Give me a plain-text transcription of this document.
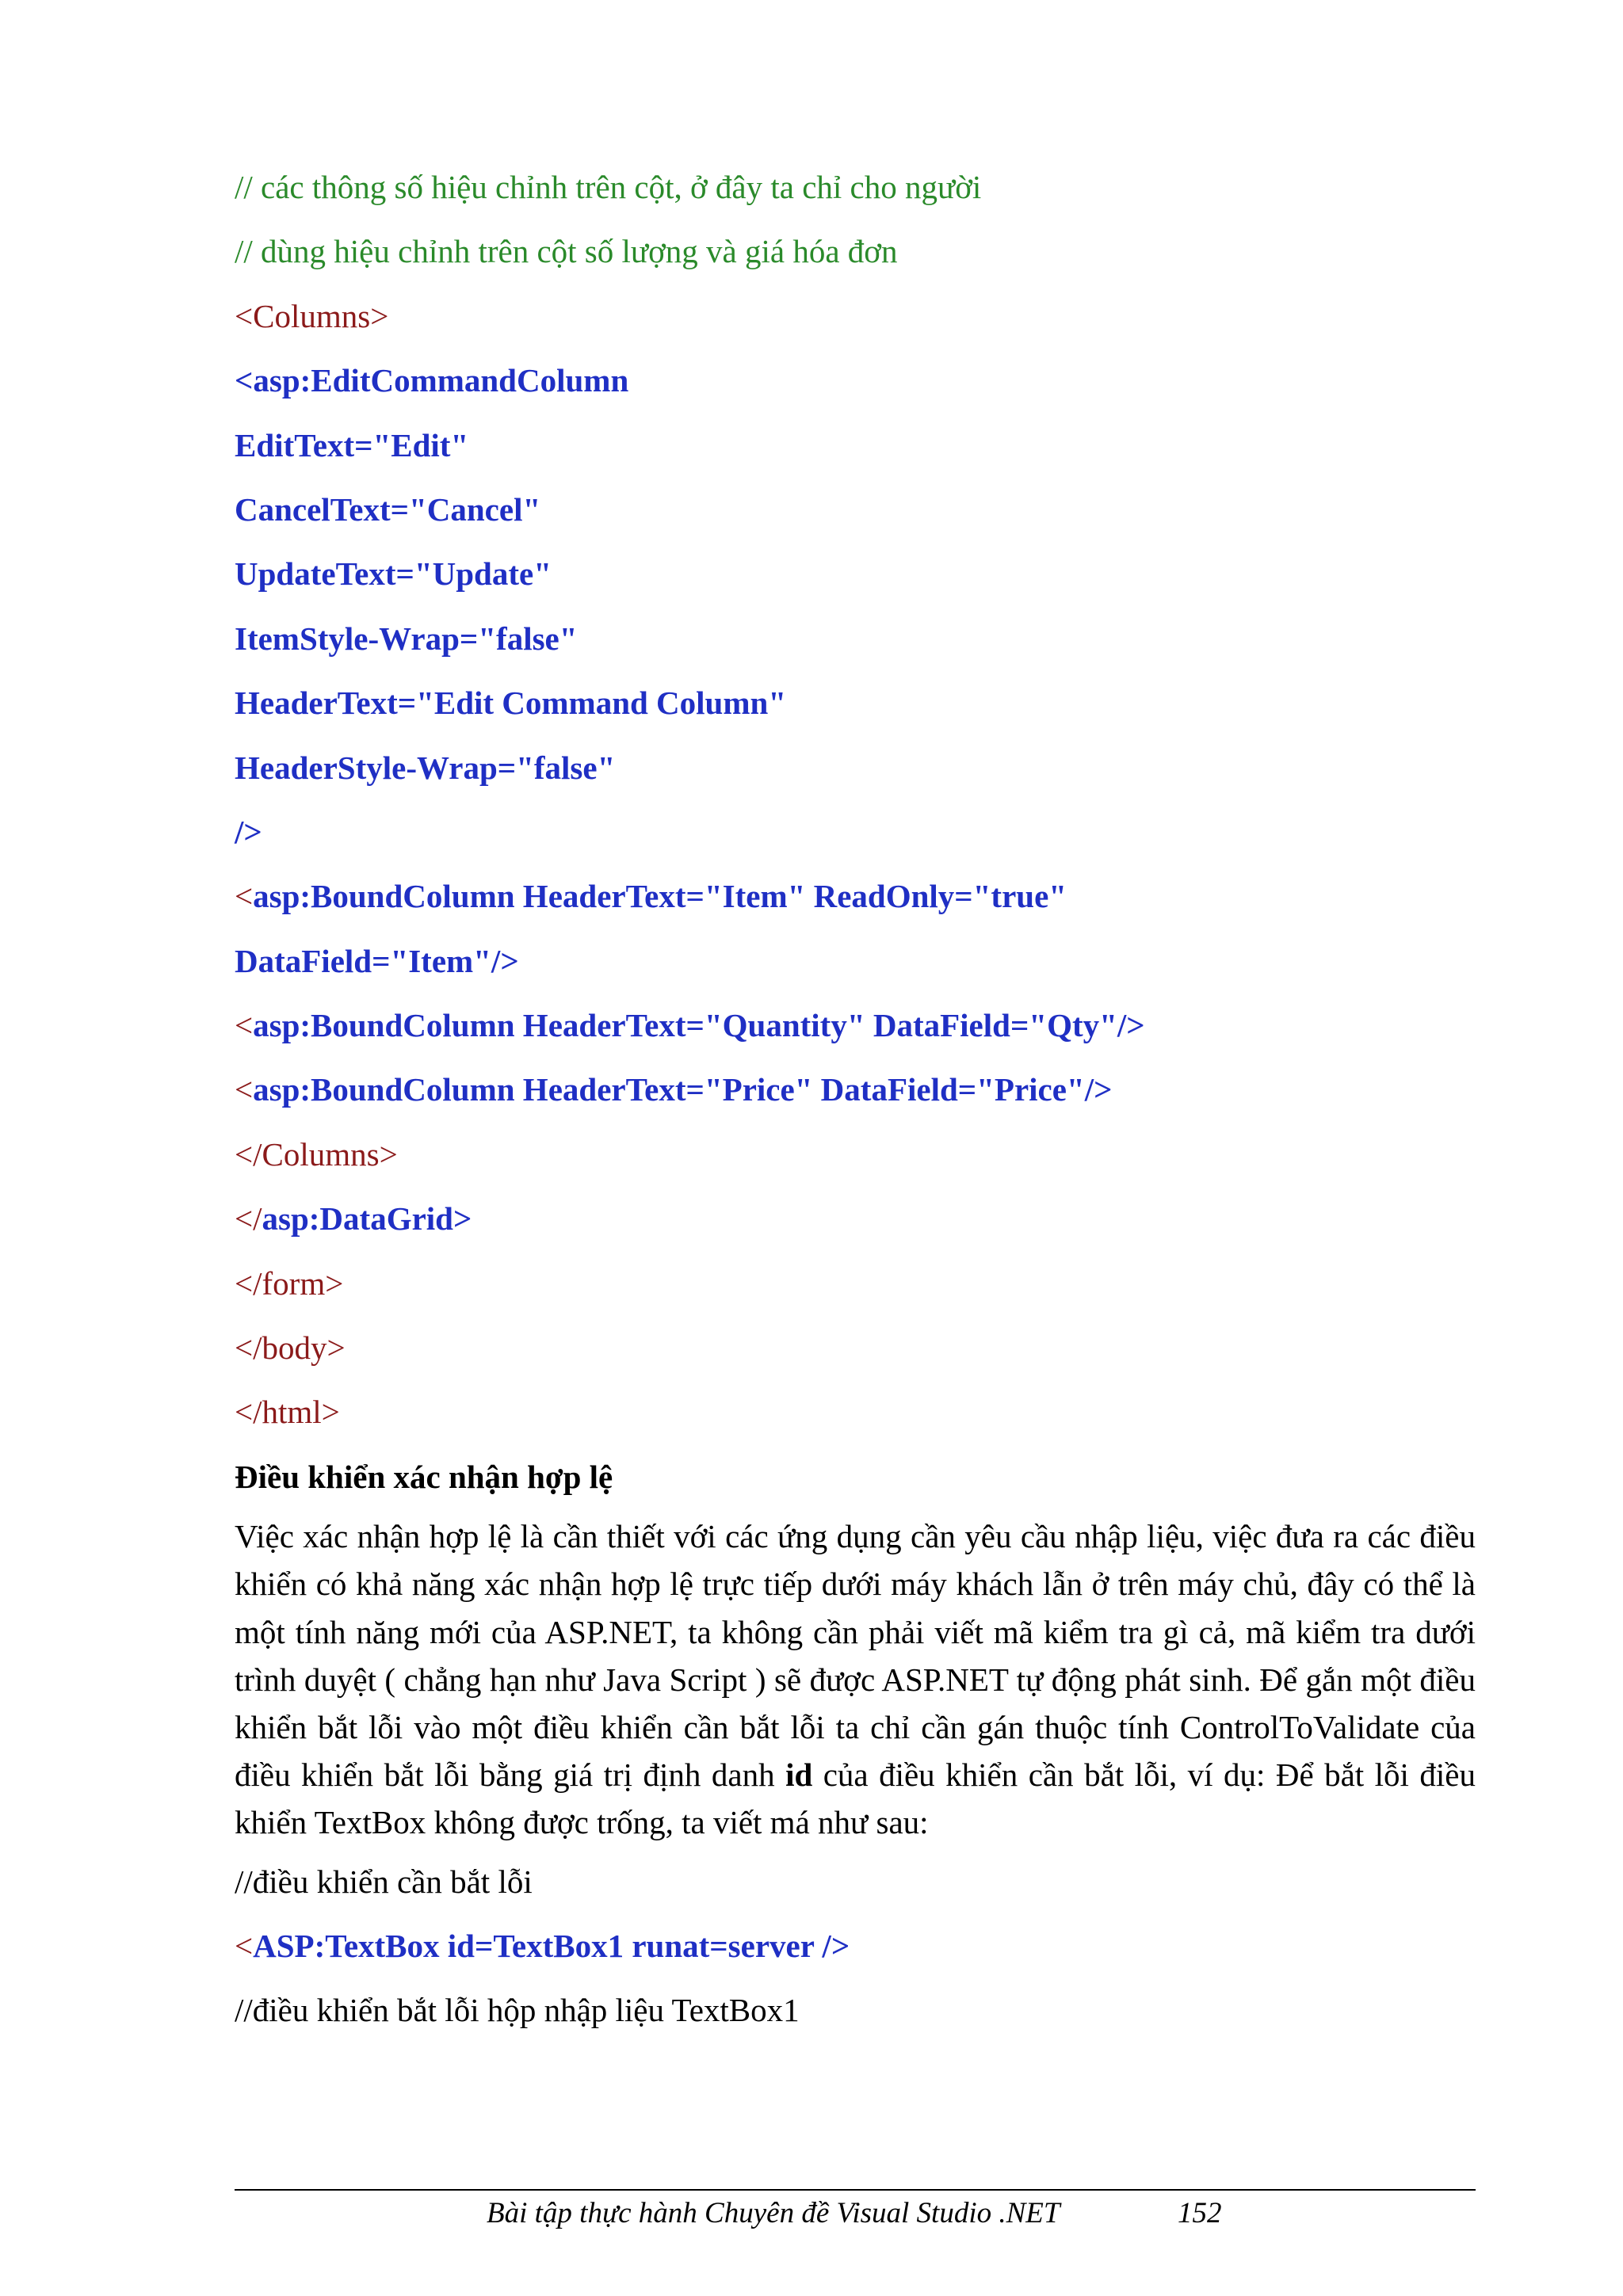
// các thông số hiệu chỉnh trên cột, ở đây ta chỉ cho người
// dùng hiệu chỉnh trên cột số lượng và giá hóa đơn
<Columns>
<asp:EditCommandColumn
EditText="Edit"
CancelText="Cancel"
UpdateText="Update"
ItemStyle-Wrap="false"
HeaderText="Edit Command Column"
HeaderStyle-Wrap="false"
/>
<asp:BoundColumn HeaderText="Item" ReadOnly="true"
DataField="Item"/>
<asp:BoundColumn HeaderText="Quantity" DataField="Qty"/>
<asp:BoundColumn HeaderText="Price" DataField="Price"/>
</Columns>
</asp:DataGrid>
</form>
</body>
</html>
Điều khiển xác nhận hợp lệ
Việc xác nhận hợp lệ là cần thiết với các ứng dụng cần yêu cầu nhập liệu, việc đưa ra các điều khiển có khả năng xác nhận hợp lệ trực tiếp dưới máy khách lẫn ở trên máy chủ, đây có thể là một tính năng mới của ASP.NET, ta không cần phải viết mã kiểm tra gì cả, mã kiểm tra dưới trình duyệt ( chẳng hạn như Java Script ) sẽ được ASP.NET tự động phát sinh. Để gắn một điều khiển bắt lỗi vào một điều khiển cần bắt lỗi ta chỉ cần gán thuộc tính ControlToValidate của điều khiển bắt lỗi bằng giá trị định danh id của điều khiển cần bắt lỗi, ví dụ: Để bắt lỗi điều khiển TextBox không được trống, ta viết má như sau:
//điều khiển cần bắt lỗi
<ASP:TextBox id=TextBox1 runat=server />
//điều khiển bắt lỗi hộp nhập liệu TextBox1
Bài tập thực hành Chuyên đề Visual Studio .NET	152
